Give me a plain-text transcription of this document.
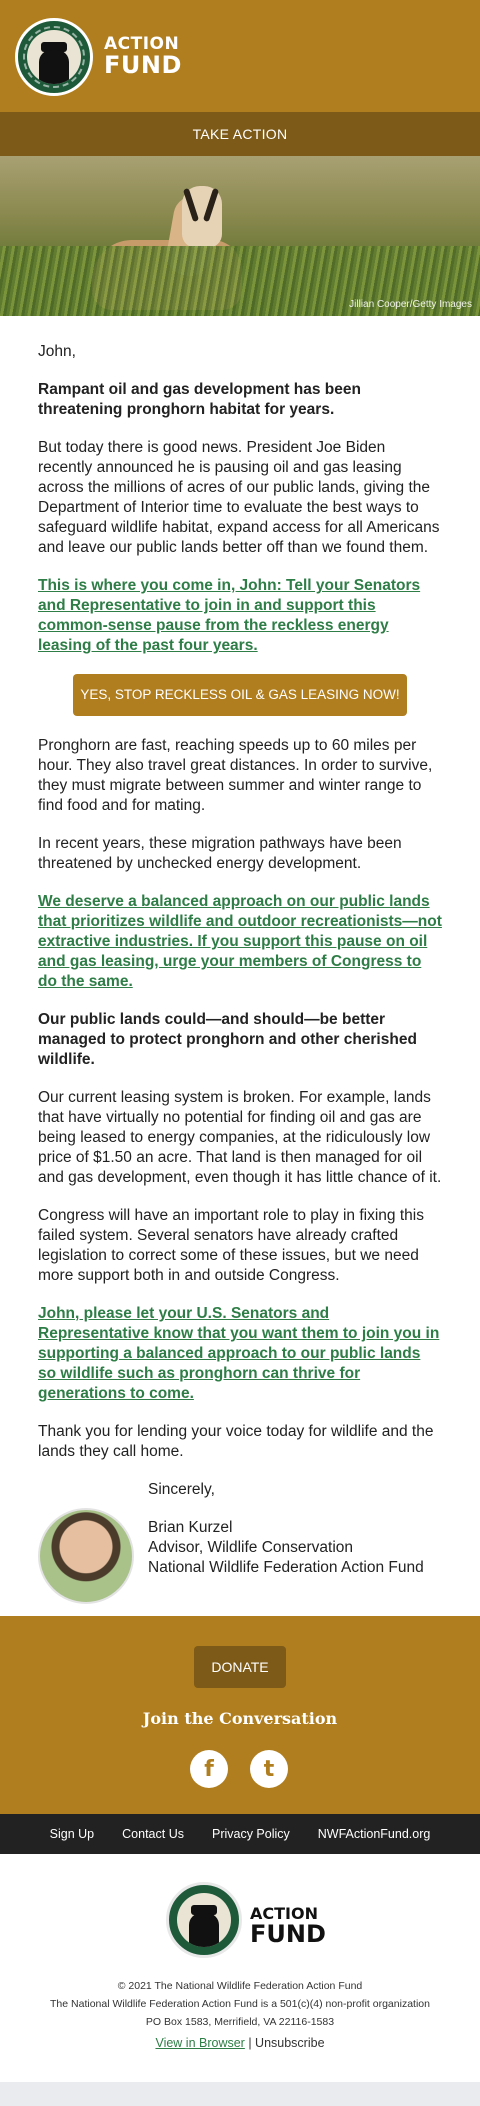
ACTION
FUND
TAKE ACTION
Jillian Cooper/Getty Images

John,

Rampant oil and gas development has been threatening pronghorn habitat for years.

But today there is good news. President Joe Biden recently announced he is pausing oil and gas leasing across the millions of acres of our public lands, giving the Department of Interior time to evaluate the best ways to safeguard wildlife habitat, expand access for all Americans and leave our public lands better off than we found them.

This is where you come in, John: Tell your Senators and Representative to join in and support this common-sense pause from the reckless energy leasing of the past four years.

YES, STOP RECKLESS OIL & GAS LEASING NOW!

Pronghorn are fast, reaching speeds up to 60 miles per hour. They also travel great distances. In order to survive, they must migrate between summer and winter range to find food and for mating.

In recent years, these migration pathways have been threatened by unchecked energy development.

We deserve a balanced approach on our public lands that prioritizes wildlife and outdoor recreationists—not extractive industries. If you support this pause on oil and gas leasing, urge your members of Congress to do the same.

Our public lands could—and should—be better managed to protect pronghorn and other cherished wildlife.

Our current leasing system is broken. For example, lands that have virtually no potential for finding oil and gas are being leased to energy companies, at the ridiculously low price of $1.50 an acre. That land is then managed for oil and gas development, even though it has little chance of it.

Congress will have an important role to play in fixing this failed system. Several senators have already crafted legislation to correct some of these issues, but we need more support both in and outside Congress.

John, please let your U.S. Senators and Representative know that you want them to join you in supporting a balanced approach to our public lands so wildlife such as pronghorn can thrive for generations to come.

Thank you for lending your voice today for wildlife and the lands they call home.

Sincerely,
Brian Kurzel
Advisor, Wildlife Conservation
National Wildlife Federation Action Fund
DONATE
Join the Conversation
f	t
Sign Up Contact Us Privacy Policy NWFActionFund.org
ACTION
FUND
© 2021 The National Wildlife Federation Action Fund
The National Wildlife Federation Action Fund is a 501(c)(4) non-profit organization
PO Box 1583, Merrifield, VA 22116-1583
View in Browser | Unsubscribe
